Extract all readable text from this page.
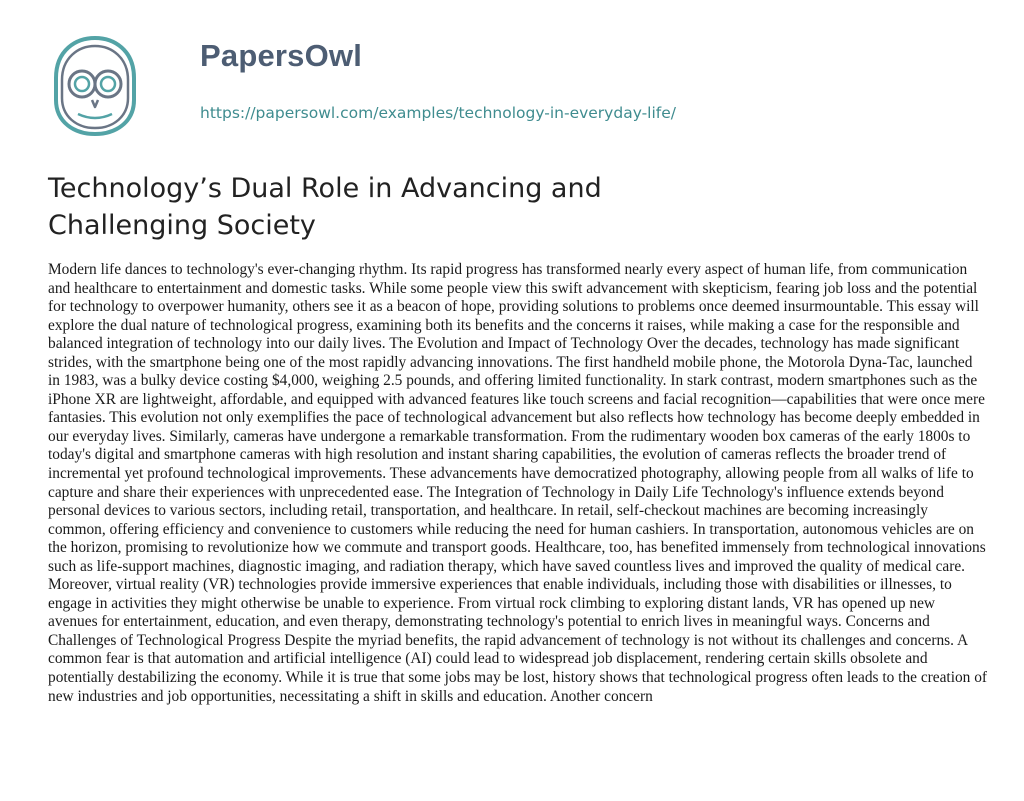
PapersOwl
https://papersowl.com/examples/technology-in-everyday-life/
Technology’s Dual Role in Advancing and Challenging Society

Modern life dances to technology's ever-changing rhythm. Its rapid progress has transformed nearly every aspect of human life, from communication and healthcare to entertainment and domestic tasks. While some people view this swift advancement with skepticism, fearing job loss and the potential for technology to overpower humanity, others see it as a beacon of hope, providing solutions to problems once deemed insurmountable. This essay will explore the dual nature of technological progress, examining both its benefits and the concerns it raises, while making a case for the responsible and balanced integration of technology into our daily lives. The Evolution and Impact of Technology Over the decades, technology has made significant strides, with the smartphone being one of the most rapidly advancing innovations. The first handheld mobile phone, the Motorola Dyna-Tac, launched in 1983, was a bulky device costing $4,000, weighing 2.5 pounds, and offering limited functionality. In stark contrast, modern smartphones such as the iPhone XR are lightweight, affordable, and equipped with advanced features like touch screens and facial recognition—capabilities that were once mere fantasies. This evolution not only exemplifies the pace of technological advancement but also reflects how technology has become deeply embedded in our everyday lives. Similarly, cameras have undergone a remarkable transformation. From the rudimentary wooden box cameras of the early 1800s to today's digital and smartphone cameras with high resolution and instant sharing capabilities, the evolution of cameras reflects the broader trend of incremental yet profound technological improvements. These advancements have democratized photography, allowing people from all walks of life to capture and share their experiences with unprecedented ease. The Integration of Technology in Daily Life Technology's influence extends beyond personal devices to various sectors, including retail, transportation, and healthcare. In retail, self-checkout machines are becoming increasingly common, offering efficiency and convenience to customers while reducing the need for human cashiers. In transportation, autonomous vehicles are on the horizon, promising to revolutionize how we commute and transport goods. Healthcare, too, has benefited immensely from technological innovations such as life-support machines, diagnostic imaging, and radiation therapy, which have saved countless lives and improved the quality of medical care. Moreover, virtual reality (VR) technologies provide immersive experiences that enable individuals, including those with disabilities or illnesses, to engage in activities they might otherwise be unable to experience. From virtual rock climbing to exploring distant lands, VR has opened up new avenues for entertainment, education, and even therapy, demonstrating technology's potential to enrich lives in meaningful ways. Concerns and Challenges of Technological Progress Despite the myriad benefits, the rapid advancement of technology is not without its challenges and concerns. A common fear is that automation and artificial intelligence (AI) could lead to widespread job displacement, rendering certain skills obsolete and potentially destabilizing the economy. While it is true that some jobs may be lost, history shows that technological progress often leads to the creation of new industries and job opportunities, necessitating a shift in skills and education. Another concern
